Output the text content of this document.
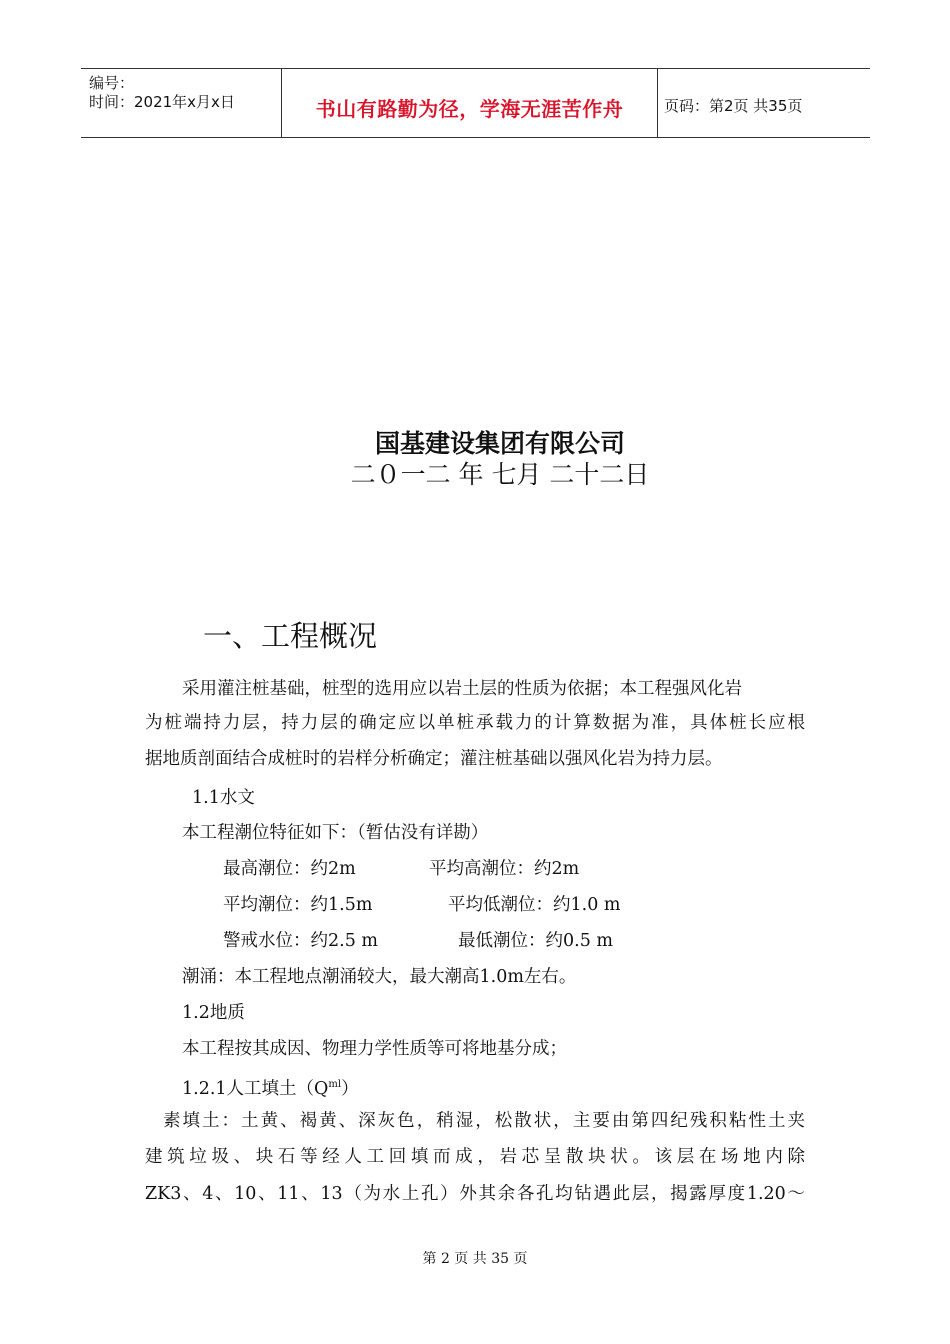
编号：
时间：2021年x月x日	书山有路勤为径，学海无涯苦作舟	页码：第2页 共35页
国基建设集团有限公司
二０一二 年 七月 二十二日
一、工程概况
采用灌注桩基础，桩型的选用应以岩土层的性质为依据；本工程强风化岩
为桩端持力层，持力层的确定应以单桩承载力的计算数据为准，具体桩长应根
据地质剖面结合成桩时的岩样分析确定；灌注桩基础以强风化岩为持力层。
1.1水文
本工程潮位特征如下：（暂估没有详勘）
最高潮位：约2m	平均高潮位：约2m
平均潮位：约1.5m	平均低潮位：约1.0 m
警戒水位：约2.5 m	最低潮位：约0.5 m
潮涌：本工程地点潮涌较大，最大潮高1.0m左右。
1.2地质
本工程按其成因、物理力学性质等可将地基分成；
1.2.1人工填土$(Q^{ml})$
素填土：土黄、褐黄、深灰色，稍湿，松散状，主要由第四纪残积粘性土夹
建筑垃圾、块石等经人工回填而成，岩芯呈散块状。该层在场地内除
ZK3、4、10、11、13（为水上孔）外其余各孔均钻遇此层，揭露厚度1.20～
第 2 页 共 35 页
